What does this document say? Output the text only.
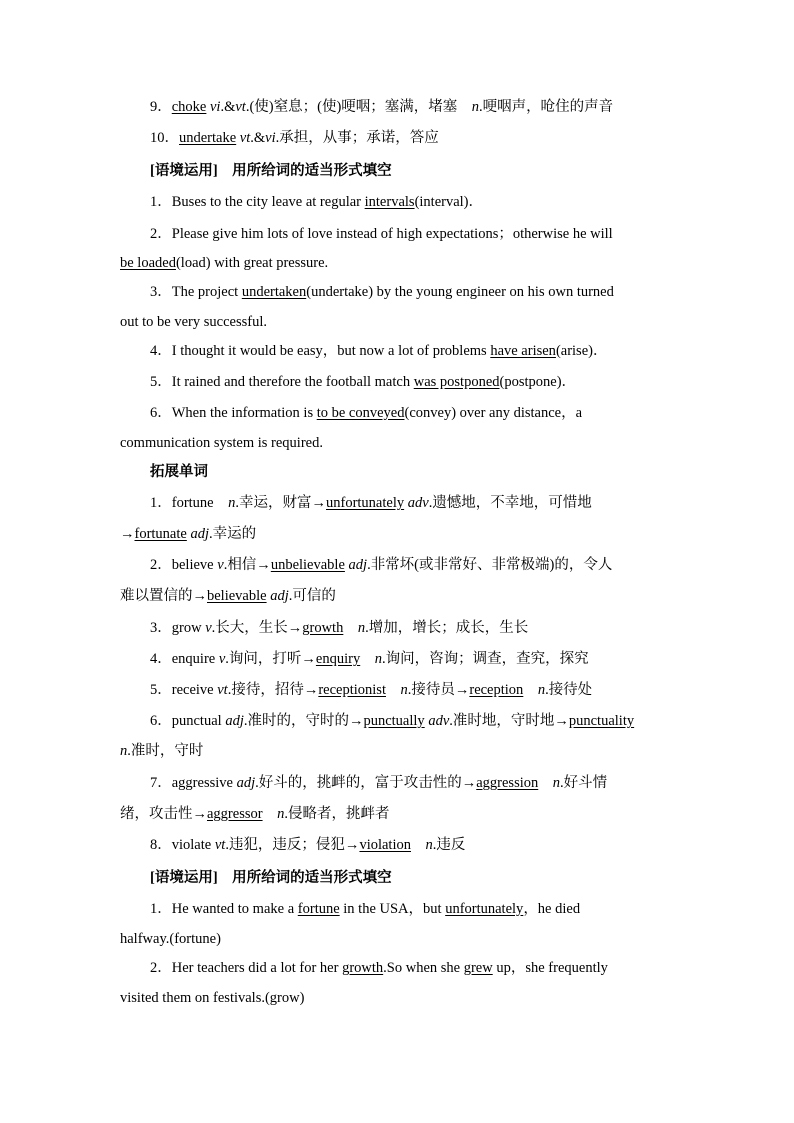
9．choke vi.&vt.(使)窒息；(使)哽咽；塞满，堵塞　n.哽咽声，呛住的声音
10．undertake vt.&vi.承担，从事；承诺，答应
[语境运用]　用所给词的适当形式填空
1．Buses to the city leave at regular intervals(interval)．
2．Please give him lots of love instead of high expectations；otherwise he will
be loaded(load) with great pressure.
3．The project undertaken(undertake) by the young engineer on his own turned
out to be very successful.
4．I thought it would be easy，but now a lot of problems have arisen(arise)．
5．It rained and therefore the football match was postponed(postpone)．
6．When the information is to be conveyed(convey) over any distance，a
communication system is required.
拓展单词
1．fortune　n.幸运，财富→unfortunately adv.遗憾地，不幸地，可惜地
→fortunate adj.幸运的
2．believe v.相信→unbelievable adj.非常坏(或非常好、非常极端)的，令人
难以置信的→believable adj.可信的
3．grow v.长大，生长→growth　 n.增加，增长；成长，生长
4．enquire v.询问，打听→enquiry　 n.询问，咨询；调查，查究，探究
5．receive vt.接待，招待→receptionist　 n.接待员→reception　 n.接待处
6．punctual adj.准时的，守时的→punctually adv.准时地，守时地→punctuality
n.准时，守时
7．aggressive adj.好斗的，挑衅的，富于攻击性的→aggression　 n.好斗情
绪，攻击性→aggressor　 n.侵略者，挑衅者
8．violate vt.违犯，违反；侵犯→violation　 n.违反
[语境运用]　用所给词的适当形式填空
1．He wanted to make a fortune in the USA，but unfortunately，he died
halfway.(fortune)
2．Her teachers did a lot for her growth.So when she grew up，she frequently
visited them on festivals.(grow)
